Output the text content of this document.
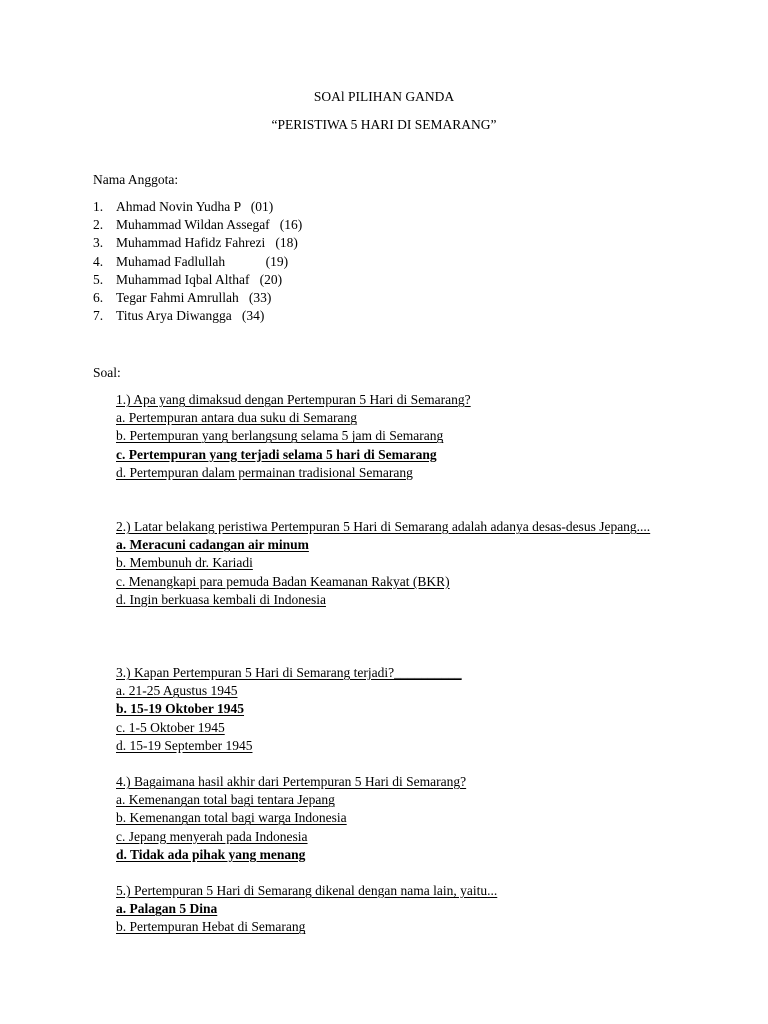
SOAl PILIHAN GANDA
“PERISTIWA 5 HARI DI SEMARANG”
Nama Anggota:
1. Ahmad Novin Yudha P   (01)
2. Muhammad Wildan Assegaf   (16)
3. Muhammad Hafidz Fahrezi   (18)
4. Muhamad Fadlullah            (19)
5. Muhammad Iqbal Althaf   (20)
6. Tegar Fahmi Amrullah   (33)
7. Titus Arya Diwangga   (34)
Soal:
1.) Apa yang dimaksud dengan Pertempuran 5 Hari di Semarang?
a. Pertempuran antara dua suku di Semarang
b. Pertempuran yang berlangsung selama 5 jam di Semarang
c. Pertempuran yang terjadi selama 5 hari di Semarang
d. Pertempuran dalam permainan tradisional Semarang
2.) Latar belakang peristiwa Pertempuran 5 Hari di Semarang adalah adanya desas-desus Jepang....
a. Meracuni cadangan air minum
b. Membunuh dr. Kariadi
c. Menangkapi para pemuda Badan Keamanan Rakyat (BKR)
d. Ingin berkuasa kembali di Indonesia
3.) Kapan Pertempuran 5 Hari di Semarang terjadi?__________
a. 21-25 Agustus 1945
b. 15-19 Oktober 1945
c. 1-5 Oktober 1945
d. 15-19 September 1945
4.) Bagaimana hasil akhir dari Pertempuran 5 Hari di Semarang?
a. Kemenangan total bagi tentara Jepang
b. Kemenangan total bagi warga Indonesia
c. Jepang menyerah pada Indonesia
d. Tidak ada pihak yang menang
5.) Pertempuran 5 Hari di Semarang dikenal dengan nama lain, yaitu...
a. Palagan 5 Dina
b. Pertempuran Hebat di Semarang
